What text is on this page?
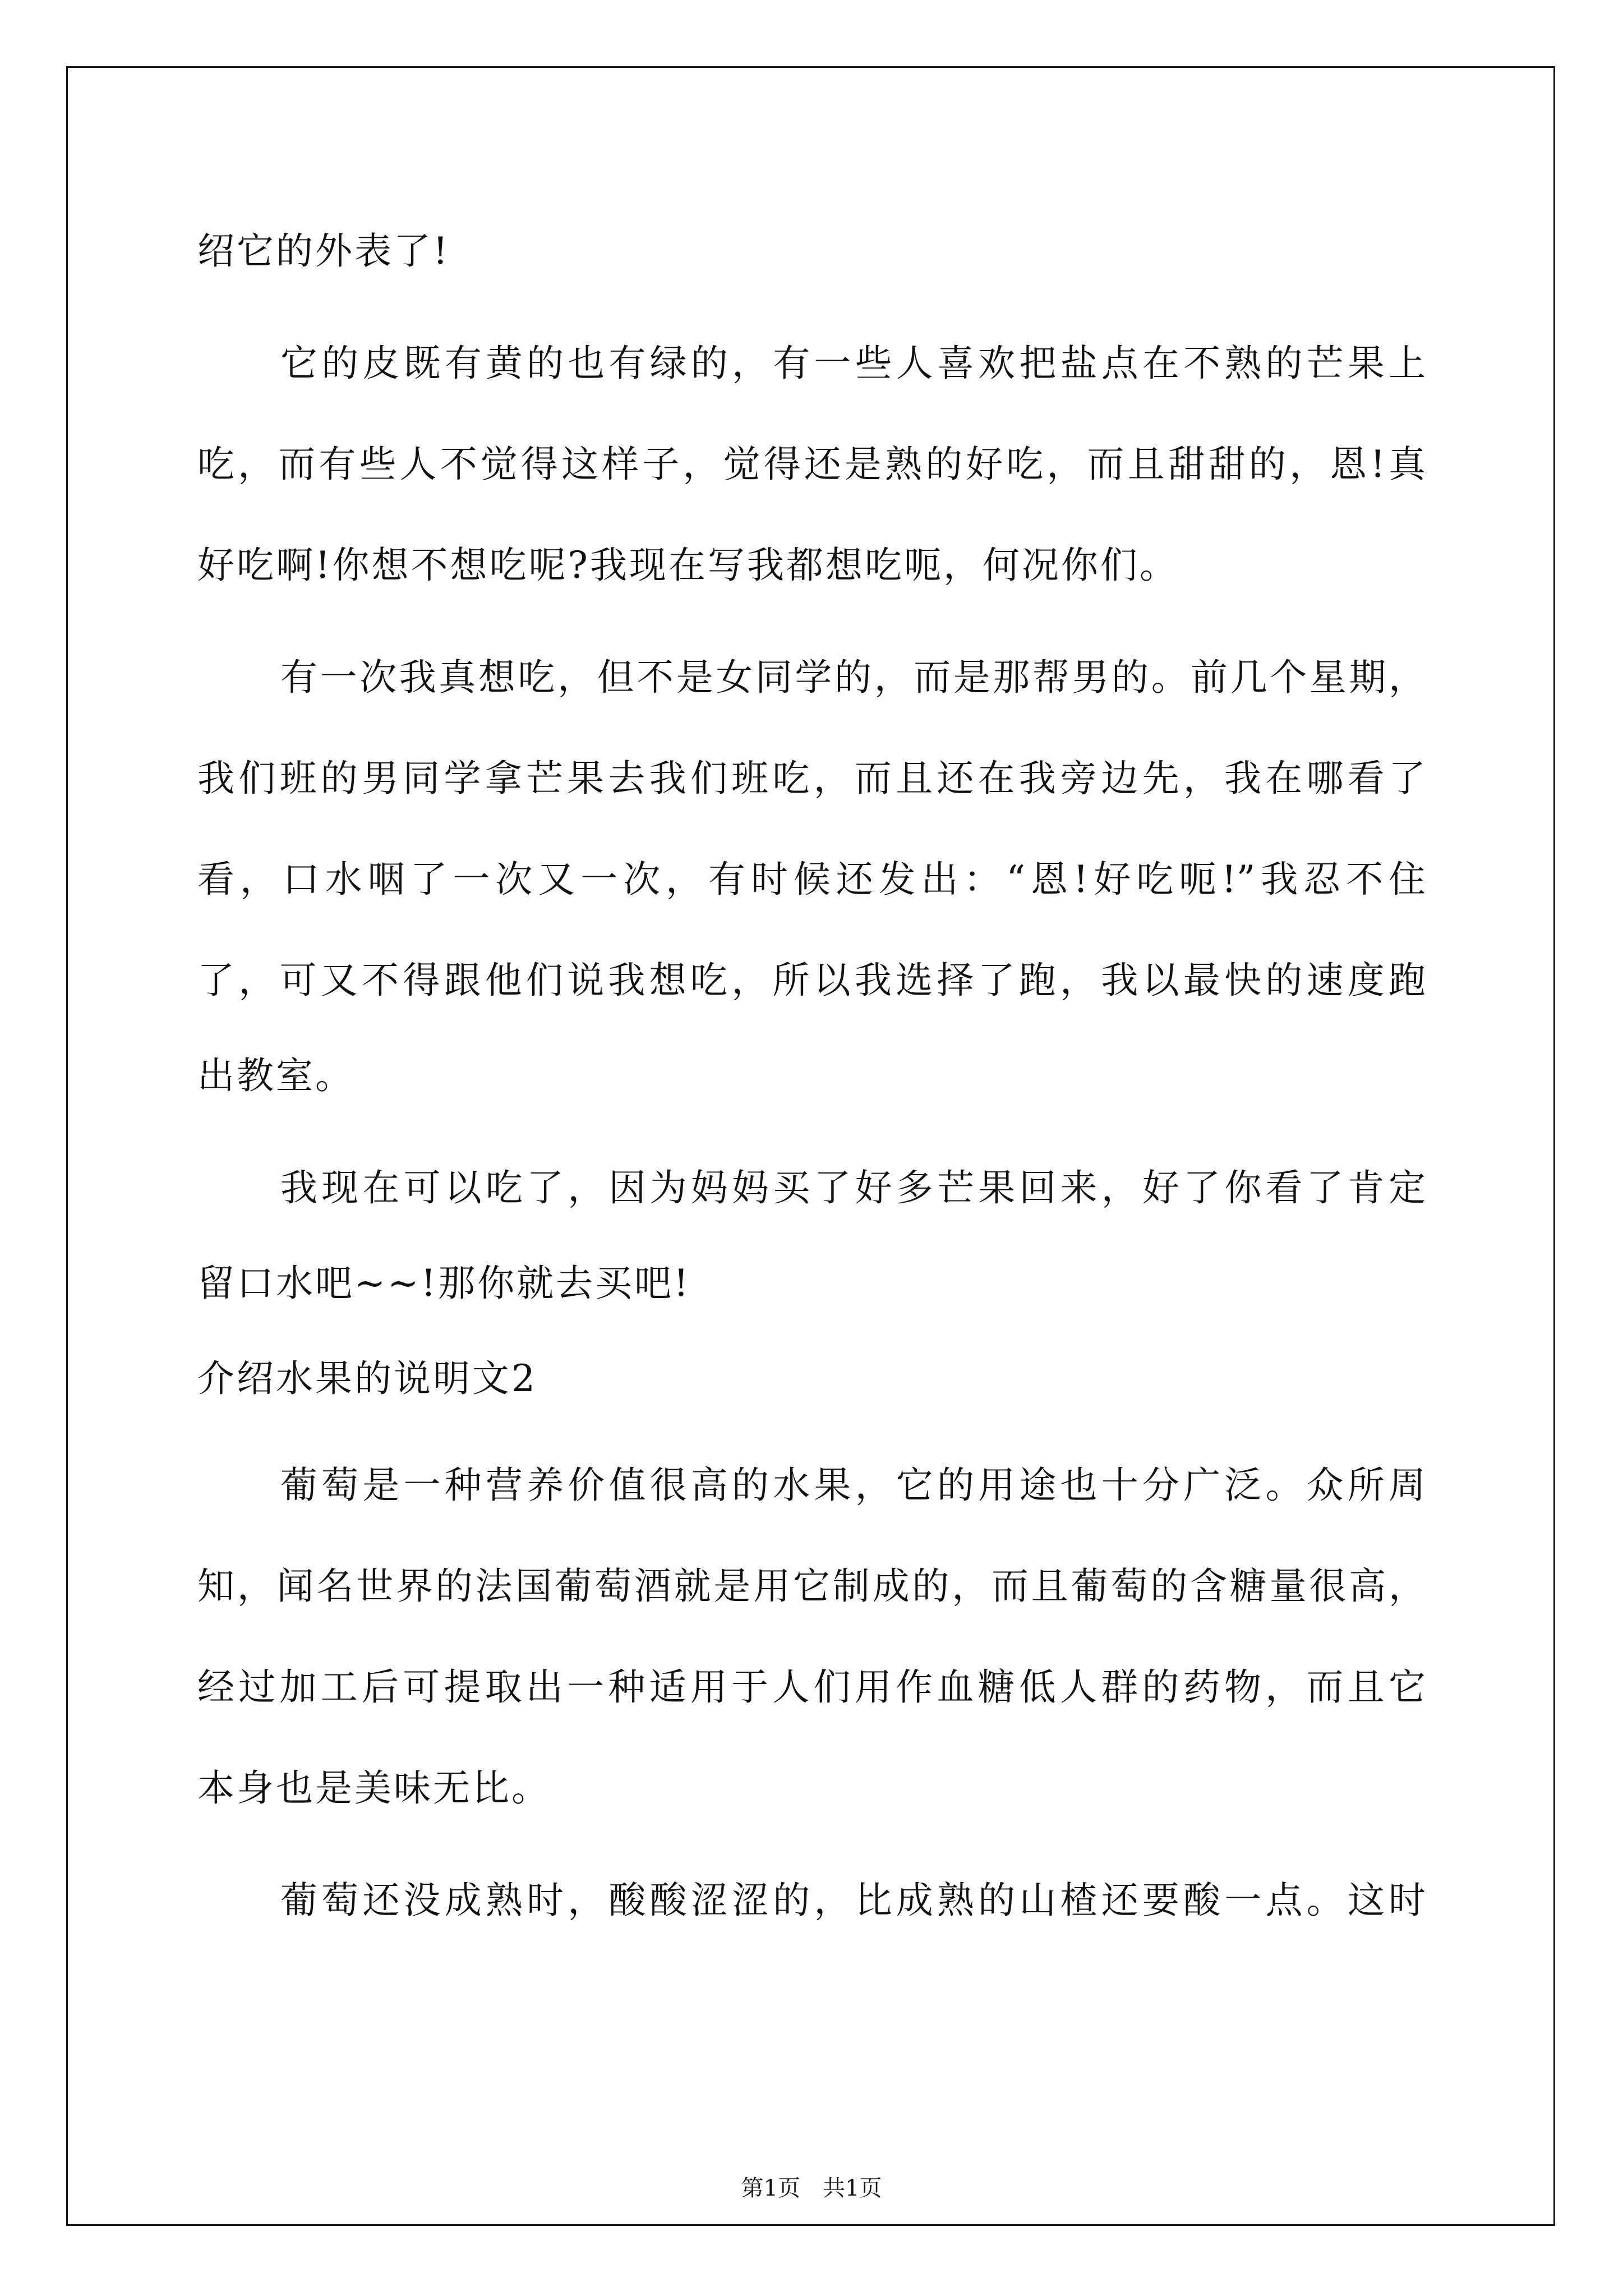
绍它的外表了!

它的皮既有黄的也有绿的，有一些人喜欢把盐点在不熟的芒果上

吃，而有些人不觉得这样子，觉得还是熟的好吃，而且甜甜的，恩!真

好吃啊!你想不想吃呢?我现在写我都想吃呃，何况你们。

有一次我真想吃，但不是女同学的，而是那帮男的。前几个星期，

我们班的男同学拿芒果去我们班吃，而且还在我旁边先，我在哪看了

看，口水咽了一次又一次，有时候还发出：“恩!好吃呃!”我忍不住

了，可又不得跟他们说我想吃，所以我选择了跑，我以最快的速度跑

出教室。

我现在可以吃了，因为妈妈买了好多芒果回来，好了你看了肯定

留口水吧~~!那你就去买吧!

介绍水果的说明文2

葡萄是一种营养价值很高的水果，它的用途也十分广泛。众所周

知，闻名世界的法国葡萄酒就是用它制成的，而且葡萄的含糖量很高，

经过加工后可提取出一种适用于人们用作血糖低人群的药物，而且它

本身也是美味无比。

葡萄还没成熟时，酸酸涩涩的，比成熟的山楂还要酸一点。这时

第1页　共1页
